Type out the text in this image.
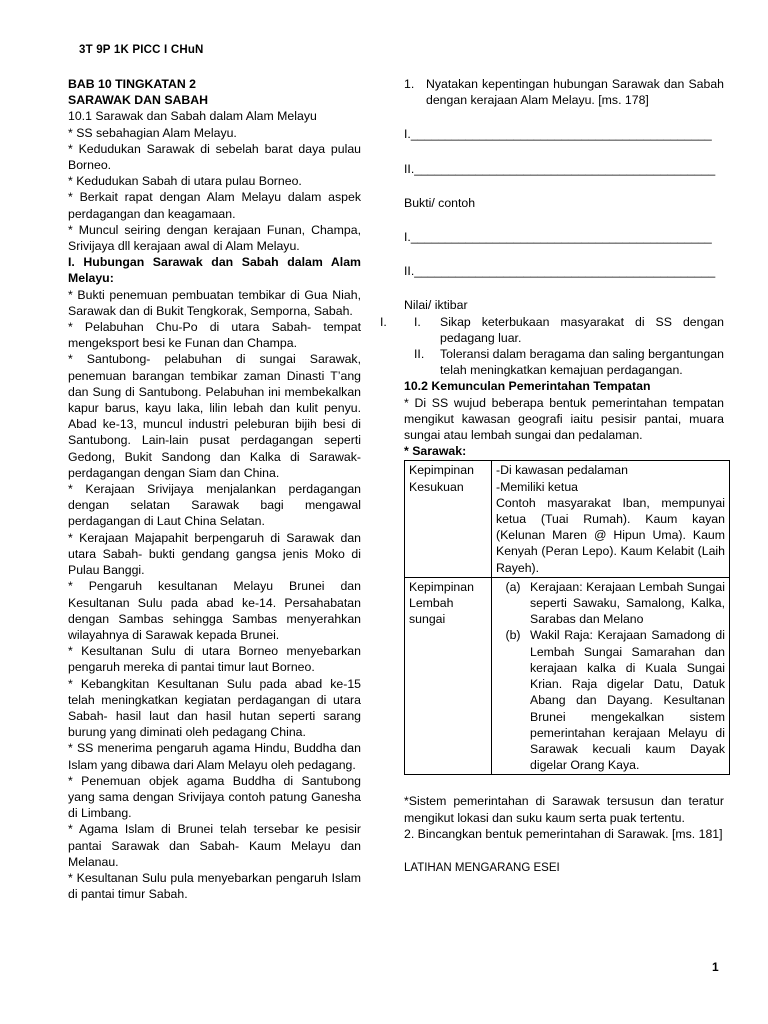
3T 9P 1K PICC I CHuN

BAB 10 TINGKATAN 2

SARAWAK DAN SABAH

10.1 Sarawak dan Sabah dalam Alam Melayu

* SS sebahagian Alam Melayu.

* Kedudukan Sarawak di sebelah barat daya pulau Borneo.

* Kedudukan Sabah di utara pulau Borneo.

* Berkait rapat dengan Alam Melayu dalam aspek perdagangan dan keagamaan.

* Muncul seiring dengan kerajaan Funan, Champa, Srivijaya dll kerajaan awal di Alam Melayu.

I. Hubungan Sarawak dan Sabah dalam Alam Melayu:

* Bukti penemuan pembuatan tembikar di Gua Niah, Sarawak dan di Bukit Tengkorak, Semporna, Sabah.

* Pelabuhan Chu-Po di utara Sabah- tempat mengeksport besi ke Funan dan Champa.

* Santubong- pelabuhan di sungai Sarawak, penemuan barangan tembikar zaman Dinasti T’ang dan Sung di Santubong. Pelabuhan ini membekalkan kapur barus, kayu laka, lilin lebah dan kulit penyu. Abad ke-13, muncul industri peleburan bijih besi di Santubong. Lain-lain pusat perdagangan seperti Gedong, Bukit Sandong dan Kalka di Sarawak- perdagangan dengan Siam dan China.

* Kerajaan Srivijaya menjalankan perdagangan dengan selatan Sarawak bagi mengawal perdagangan di Laut China Selatan.

* Kerajaan Majapahit berpengaruh di Sarawak dan utara Sabah- bukti gendang gangsa jenis Moko di Pulau Banggi.

* Pengaruh kesultanan Melayu Brunei dan Kesultanan Sulu pada abad ke-14. Persahabatan dengan Sambas sehingga Sambas menyerahkan wilayahnya di Sarawak kepada Brunei.

* Kesultanan Sulu di utara Borneo menyebarkan pengaruh mereka di pantai timur laut Borneo.

* Kebangkitan Kesultanan Sulu pada abad ke-15 telah meningkatkan kegiatan perdagangan di utara Sabah- hasil laut dan hasil hutan seperti sarang burung yang diminati oleh pedagang China.

* SS menerima pengaruh agama Hindu, Buddha dan Islam yang dibawa dari Alam Melayu oleh pedagang.

* Penemuan objek agama Buddha di Santubong yang sama dengan Srivijaya contoh patung Ganesha di Limbang.

* Agama Islam di Brunei telah tersebar ke pesisir pantai Sarawak dan Sabah- Kaum Melayu dan Melanau.

* Kesultanan Sulu pula menyebarkan pengaruh Islam di pantai timur Sabah.

1. Nyatakan kepentingan hubungan Sarawak dan Sabah dengan kerajaan Alam Melayu. [ms. 178]

I.____________________________________________

II.____________________________________________

Bukti/ contoh

I.____________________________________________

II.____________________________________________

Nilai/ iktibar

I.	I.	Sikap keterbukaan masyarakat di SS dengan pedagang luar.
II.	Toleransi dalam beragama dan saling bergantungan telah meningkatkan kemajuan perdagangan.

10.2 Kemunculan Pemerintahan Tempatan

* Di SS wujud beberapa bentuk pemerintahan tempatan mengikut kawasan geografi iaitu pesisir pantai, muara sungai atau lembah sungai dan pedalaman.

* Sarawak:

Kepimpinan Kesukuan	-Di kawasan pedalaman
-Memiliki ketua
Contoh masyarakat Iban, mempunyai ketua (Tuai Rumah). Kaum kayan (Kelunan Maren @ Hipun Uma). Kaum Kenyah (Peran Lepo). Kaum Kelabit (Laih Rayeh).

Kepimpinan Lembah sungai	(a) Kerajaan: Kerajaan Lembah Sungai seperti Sawaku, Samalong, Kalka, Sarabas dan Melano
(b) Wakil Raja: Kerajaan Samadong di Lembah Sungai Samarahan dan kerajaan kalka di Kuala Sungai Krian. Raja digelar Datu, Datuk Abang dan Dayang. Kesultanan Brunei mengekalkan sistem pemerintahan kerajaan Melayu di Sarawak kecuali kaum Dayak digelar Orang Kaya.

*Sistem pemerintahan di Sarawak tersusun dan teratur mengikut lokasi dan suku kaum serta puak tertentu.

2. Bincangkan bentuk pemerintahan di Sarawak. [ms. 181]

LATIHAN MENGARANG ESEI

1
